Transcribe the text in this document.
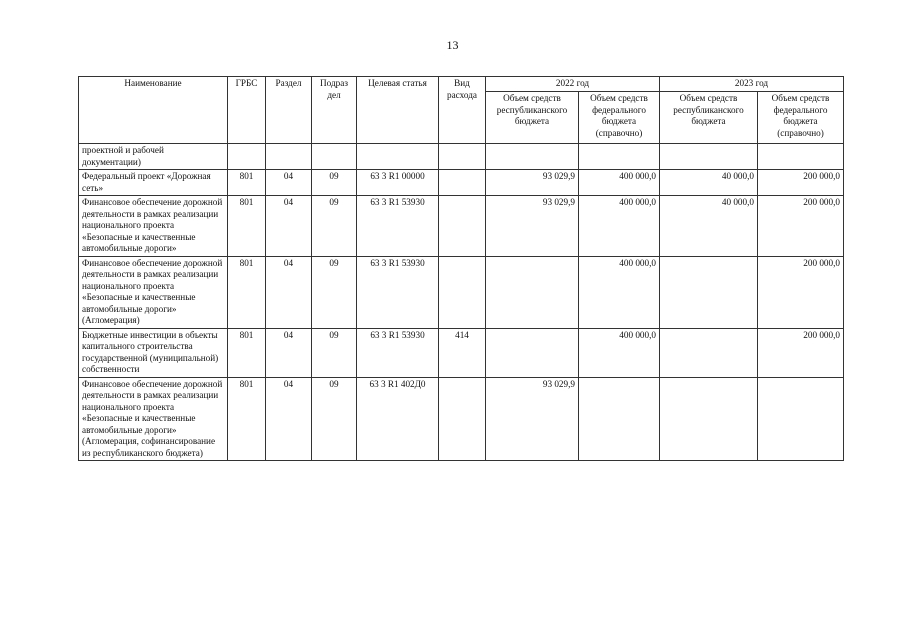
13
Наименование	ГРБС	Раздел	Подраз дел	Целевая статья	Вид расхода	2022 год		2023 год	
						Объем средств республиканского бюджета	Объем средств федерального бюджета (справочно)	Объем средств республиканского бюджета	Объем средств федерального бюджета (справочно)
проектной и рабочей документации)									
Федеральный проект «Дорожная сеть»	801	04	09	63 3 R1 00000		93 029,9	400 000,0	40 000,0	200 000,0
Финансовое обеспечение дорожной деятельности в рамках реализации национального проекта «Безопасные и качественные автомобильные дороги»	801	04	09	63 3 R1 53930		93 029,9	400 000,0	40 000,0	200 000,0
Финансовое обеспечение дорожной деятельности в рамках реализации национального проекта «Безопасные и качественные автомобильные дороги» (Агломерация)	801	04	09	63 3 R1 53930			400 000,0		200 000,0
Бюджетные инвестиции в объекты капитального строительства государственной (муниципальной) собственности	801	04	09	63 3 R1 53930	414		400 000,0		200 000,0
Финансовое обеспечение дорожной деятельности в рамках реализации национального проекта «Безопасные и качественные автомобильные дороги» (Агломерация, софинансирование из республиканского бюджета)	801	04	09	63 3 R1 402Д0		93 029,9			
